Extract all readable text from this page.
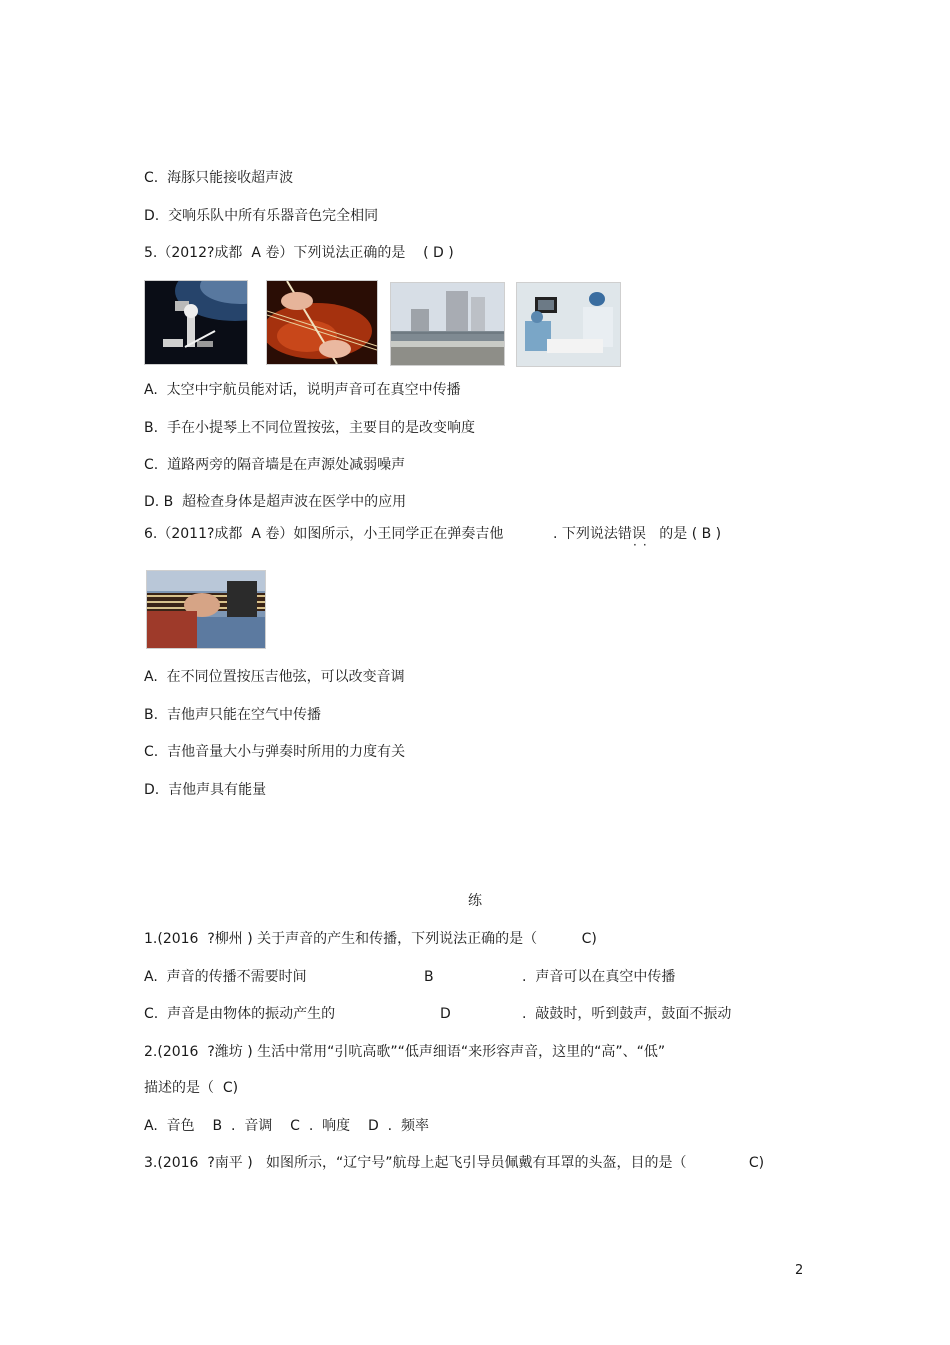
C.  海豚只能接收超声波
D.  交响乐队中所有乐器音色完全相同
5.（2012?成都  A 卷）下列说法正确的是    ( D )
A.  太空中宇航员能对话，说明声音可在真空中传播
B.  手在小提琴上不同位置按弦，主要目的是改变响度
C.  道路两旁的隔音墙是在声源处减弱噪声
D. B  超检查身体是超声波在医学中的应用
6.（2011?成都  A 卷）如图所示，小王同学正在弹奏吉他	. 下列说法错误   的是 ( B )
··
A.  在不同位置按压吉他弦，可以改变音调
B.  吉他声只能在空气中传播
C.  吉他音量大小与弹奏时所用的力度有关
D.  吉他声具有能量
练
1.(2016  ?柳州 ) 关于声音的产生和传播，下列说法正确的是（          C)
A.  声音的传播不需要时间	B	.  声音可以在真空中传播
C.  声音是由物体的振动产生的	D	.  敲鼓时，听到鼓声，鼓面不振动
2.(2016  ?潍坊 ) 生活中常用“引吭高歌”“低声细语“来形容声音，这里的“高”、“低”
描述的是（  C)
A.  音色    B  .  音调    C  .  响度    D  .  频率
3.(2016  ?南平 )   如图所示，“辽宁号”航母上起飞引导员佩戴有耳罩的头盔，目的是（              C)
2
